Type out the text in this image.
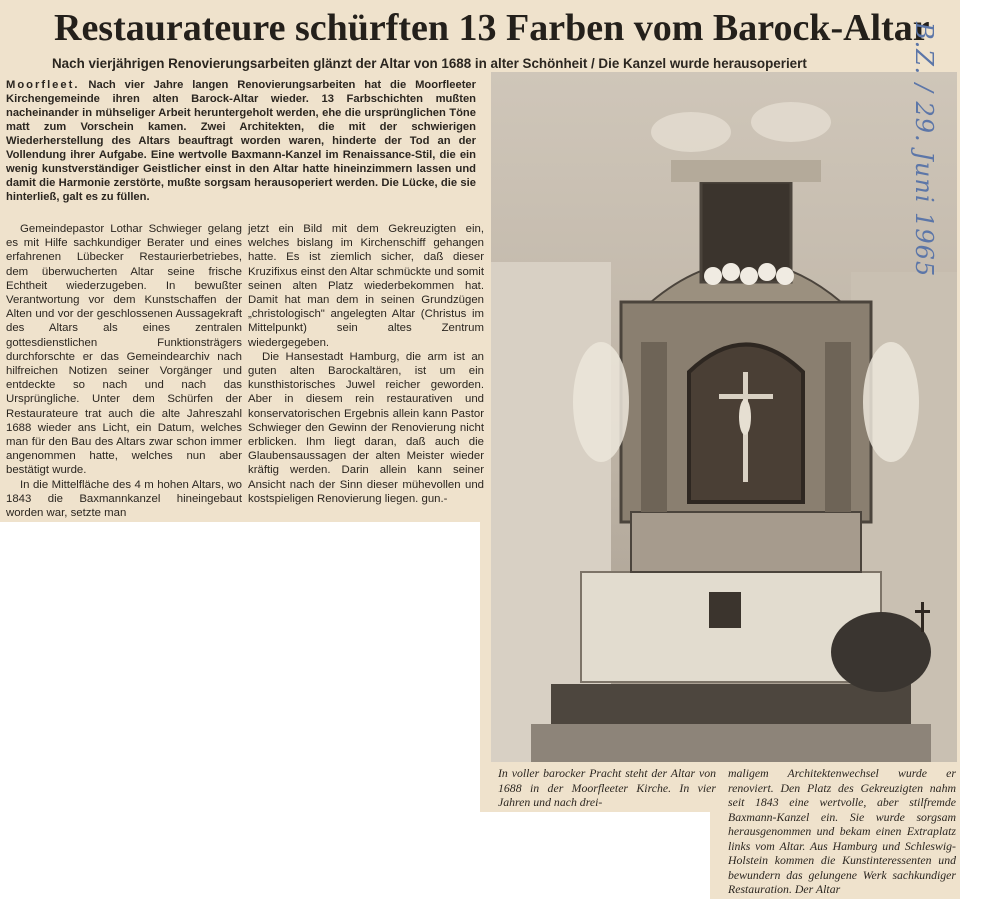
Restaurateure schürften 13 Farben vom Barock-Altar
Nach vierjährigen Renovierungsarbeiten glänzt der Altar von 1688 in alter Schönheit / Die Kanzel wurde herausoperiert

Moorfleet. Nach vier Jahre langen Renovierungsarbeiten hat die Moorfleeter Kirchengemeinde ihren alten Barock-Altar wieder. 13 Farbschichten mußten nacheinander in mühseliger Arbeit heruntergeholt werden, ehe die ursprünglichen Töne matt zum Vorschein kamen. Zwei Architekten, die mit der schwierigen Wiederherstellung des Altars beauftragt worden waren, hinderte der Tod an der Vollendung ihrer Aufgabe. Eine wertvolle Baxmann-Kanzel im Renaissance-Stil, die ein wenig kunstverständiger Geistlicher einst in den Altar hatte hineinzimmern lassen und damit die Harmonie zerstörte, mußte sorgsam herausoperiert werden. Die Lücke, die sie hinterließ, galt es zu füllen.

Gemeindepastor Lothar Schwieger gelang es mit Hilfe sachkundiger Berater und eines erfahrenen Lübecker Restaurierbetriebes, dem überwucherten Altar seine frische Echtheit wiederzugeben. In bewußter Verantwortung vor dem Kunstschaffen der Alten und vor der geschlossenen Aussagekraft des Altars als eines zentralen gottesdienstlichen Funktionsträgers durchforschte er das Gemeindearchiv nach hilfreichen Notizen seiner Vorgänger und entdeckte so nach und nach das Ursprüngliche. Unter dem Schürfen der Restaurateure trat auch die alte Jahreszahl 1688 wieder ans Licht, ein Datum, welches man für den Bau des Altars zwar schon immer angenommen hatte, welches nun aber bestätigt wurde.

In die Mittelfläche des 4 m hohen Altars, wo 1843 die Baxmannkanzel hineingebaut worden war, setzte man

jetzt ein Bild mit dem Gekreuzigten ein, welches bislang im Kirchenschiff gehangen hatte. Es ist ziemlich sicher, daß dieser Kruzifixus einst den Altar schmückte und somit seinen alten Platz wiederbekommen hat. Damit hat man dem in seinen Grundzügen „christologisch" angelegten Altar (Christus im Mittelpunkt) sein altes Zentrum wiedergegeben.

Die Hansestadt Hamburg, die arm ist an guten alten Barockaltären, ist um ein kunsthistorisches Juwel reicher geworden. Aber in diesem rein restaurativen und konservatorischen Ergebnis allein kann Pastor Schwieger den Gewinn der Renovierung nicht erblicken. Ihm liegt daran, daß auch die Glaubensaussagen der alten Meister wieder kräftig werden. Darin allein kann seiner Ansicht nach der Sinn dieser mühevollen und kostspieligen Renovierung liegen. gun.-

In voller barocker Pracht steht der Altar von 1688 in der Moorfleeter Kirche. In vier Jahren und nach drei-

maligem Architektenwechsel wurde er renoviert. Den Platz des Gekreuzigten nahm seit 1843 eine wertvolle, aber stilfremde Baxmann-Kanzel ein. Sie wurde sorgsam herausgenommen und bekam einen Extraplatz links vom Altar. Aus Hamburg und Schleswig-Holstein kommen die Kunstinteressenten und bewundern das gelungene Werk sachkundiger Restauration. Der Altar

B.Z. / 29. Juni 1965
